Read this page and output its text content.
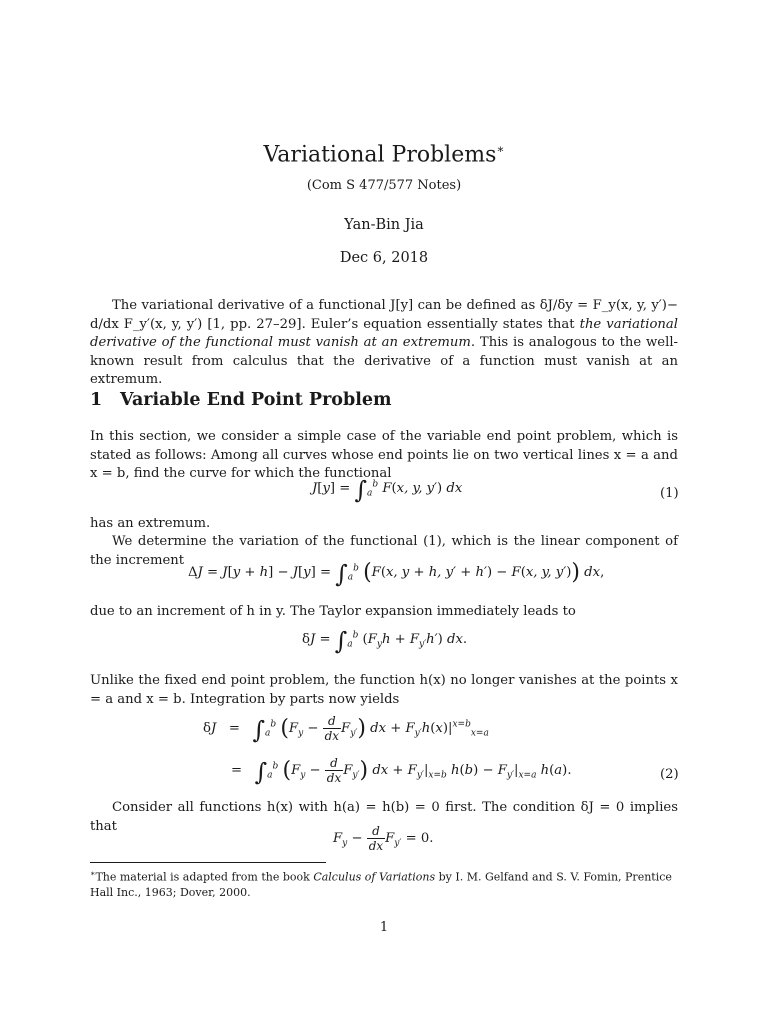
Variational Problems∗
(Com S 477/577 Notes)
Yan-Bin Jia
Dec 6, 2018
The variational derivative of a functional J[y] can be defined as δJ/δy = F_y(x, y, y′)− d/dx F_y′(x, y, y′) [1, pp. 27–29]. Euler’s equation essentially states that the variational derivative of the functional must vanish at an extremum. This is analogous to the well-known result from calculus that the derivative of a function must vanish at an extremum.
1 Variable End Point Problem
In this section, we consider a simple case of the variable end point problem, which is stated as follows: Among all curves whose end points lie on two vertical lines x = a and x = b, find the curve for which the functional
$J[y] = \int_a^b$ F(x, y, y′) dx	(1)
has an extremum.
We determine the variation of the functional (1), which is the linear component of the increment
$\Delta J = J[y + h] - J[y] = \int_a^b$ (F(x, y + h, y′ + h′) − F(x, y, y′)) dx,
due to an increment of h in y. The Taylor expansion immediately leads to
$\delta J = \int_a^b$ $(F_yh + F_{y'}h')$ dx.
Unlike the fixed end point problem, the function h(x) no longer vanishes at the points x = a and x = b. Integration by parts now yields
$\delta J = \int_a^b$ $(F_y - \frac{d}{dx} F_{y'})$ dx + $F_{y'}h(x)|^{x=b}_{x=a}$
=   $\int_a^b$ $(F_y - \frac{d}{dx} F_{y'})$ dx + $F_{y'}|_{x=b}$ $h(b) - F_{y'}|_{x=a}$ h(a).	(2)
Consider all functions h(x) with h(a) = h(b) = 0 first. The condition δJ = 0 implies that
$F_y - \frac{d}{dx} F_{y'} = 0$.
∗The material is adapted from the book Calculus of Variations by I. M. Gelfand and S. V. Fomin, Prentice Hall Inc., 1963; Dover, 2000.
1
